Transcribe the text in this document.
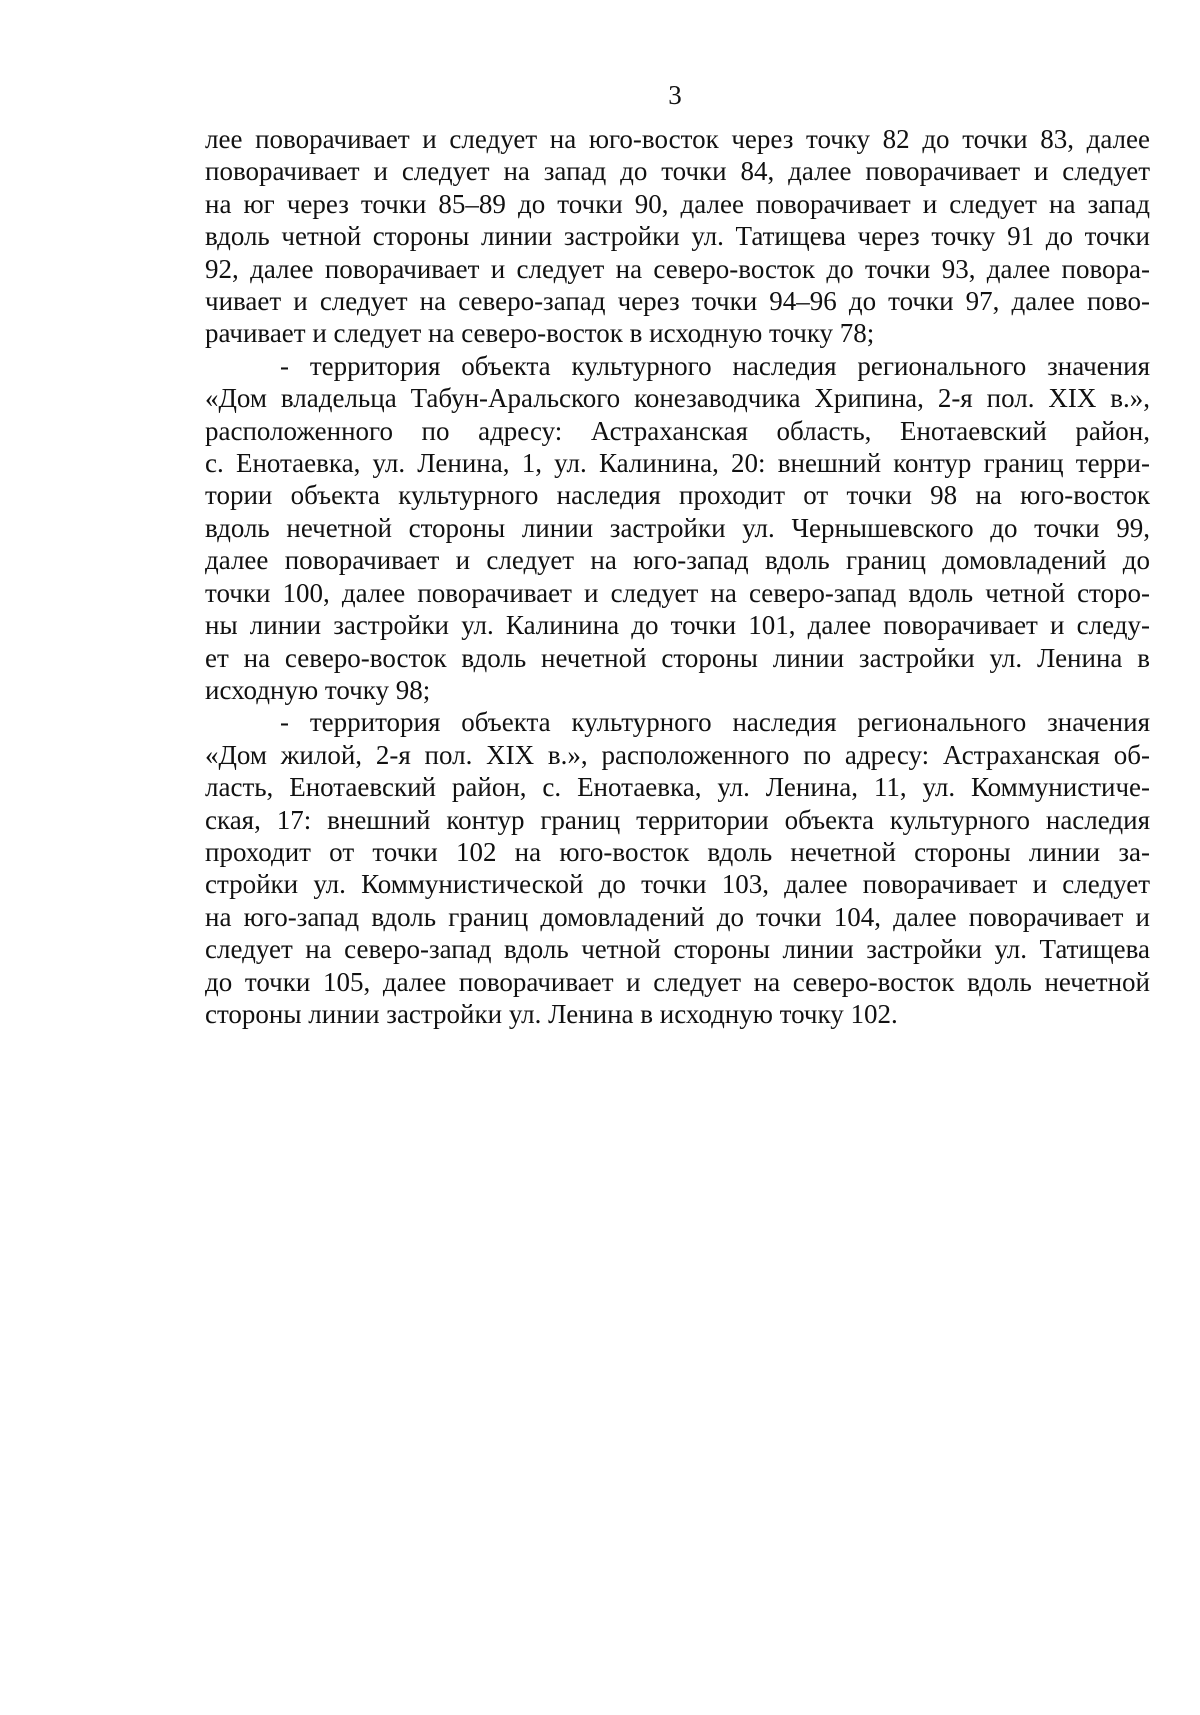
3

лее поворачивает и следует на юго-восток через точку 82 до точки 83, далее

поворачивает и следует на запад до точки 84, далее поворачивает и следует

на юг через точки 85–89 до точки 90, далее поворачивает и следует на запад

вдоль четной стороны линии застройки ул. Татищева через точку 91 до точки

92, далее поворачивает и следует на северо-восток до точки 93, далее повора-

чивает и следует на северо-запад через точки 94–96 до точки 97, далее пово-

рачивает и следует на северо-восток в исходную точку 78;

- территория объекта культурного наследия регионального значения

«Дом владельца Табун-Аральского конезаводчика Хрипина, 2-я пол. XIX в.»,

расположенного по адресу: Астраханская область, Енотаевский район,

с. Енотаевка, ул. Ленина, 1, ул. Калинина, 20: внешний контур границ терри-

тории объекта культурного наследия проходит от точки 98 на юго-восток

вдоль нечетной стороны линии застройки ул. Чернышевского до точки 99,

далее поворачивает и следует на юго-запад вдоль границ домовладений до

точки 100, далее поворачивает и следует на северо-запад вдоль четной сторо-

ны линии застройки ул. Калинина до точки 101, далее поворачивает и следу-

ет на северо-восток вдоль нечетной стороны линии застройки ул. Ленина в

исходную точку 98;

- территория объекта культурного наследия регионального значения

«Дом жилой, 2-я пол. XIX в.», расположенного по адресу: Астраханская об-

ласть, Енотаевский район, с. Енотаевка, ул. Ленина, 11, ул. Коммунистиче-

ская, 17: внешний контур границ территории объекта культурного наследия

проходит от точки 102 на юго-восток вдоль нечетной стороны линии за-

стройки ул. Коммунистической до точки 103, далее поворачивает и следует

на юго-запад вдоль границ домовладений до точки 104, далее поворачивает и

следует на северо-запад вдоль четной стороны линии застройки ул. Татищева

до точки 105, далее поворачивает и следует на северо-восток вдоль нечетной

стороны линии застройки ул. Ленина в исходную точку 102.
